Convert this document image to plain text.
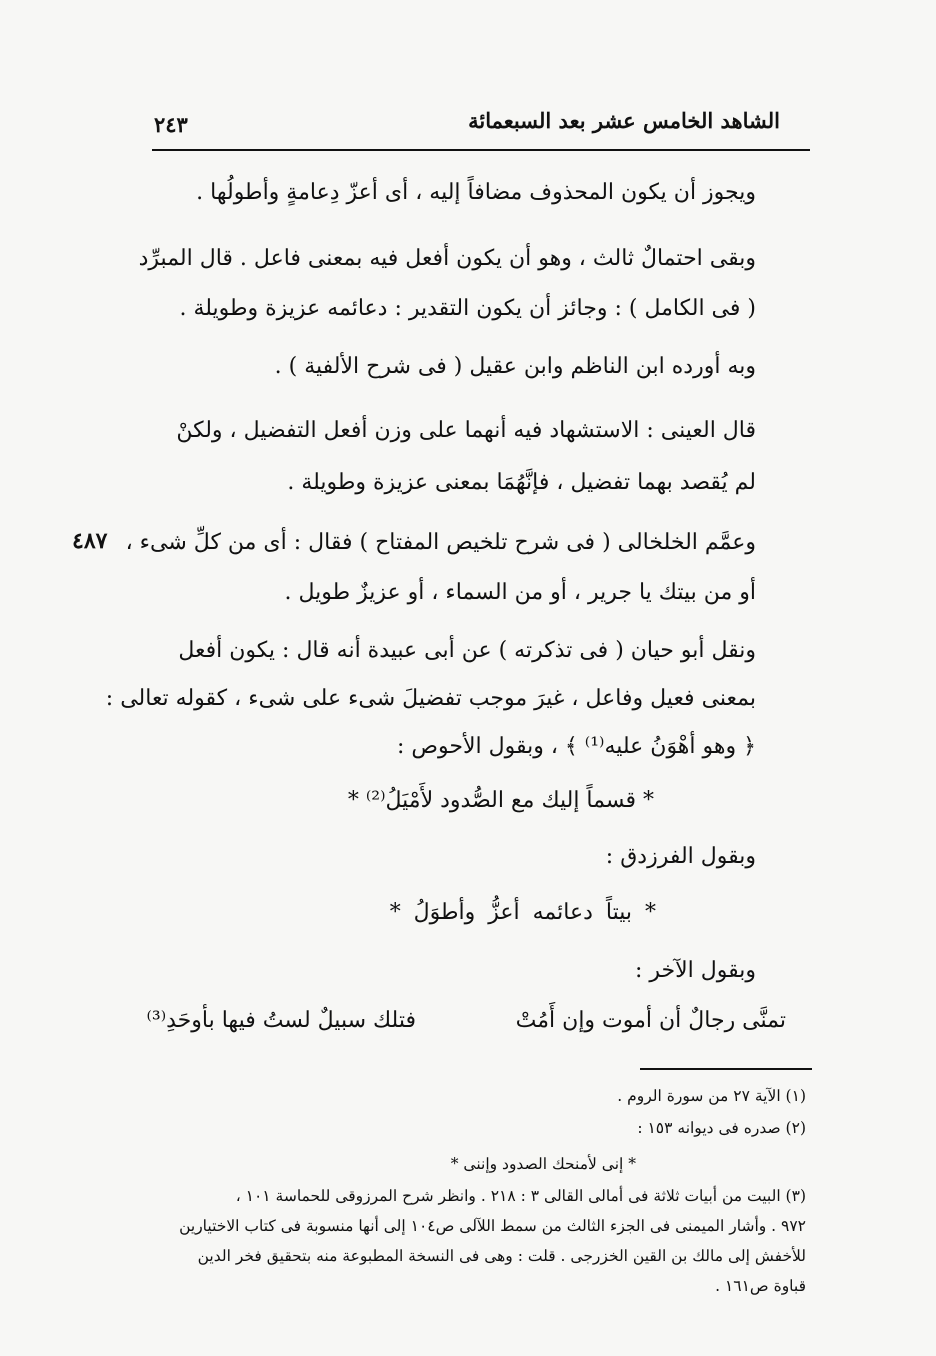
الشاهد الخامس عشر بعد السبعمائة
٢٤٣
ويجوز أن يكون المحذوف مضافاً إليه ، أى أعزّ دِعامةٍ وأطولُها .
وبقى احتمالٌ ثالث ، وهو أن يكون أفعل فيه بمعنى فاعل . قال المبرِّد
( فى الكامل ) : وجائز أن يكون التقدير : دعائمه عزيزة وطويلة .
وبه أورده ابن الناظم وابن عقيل ( فى شرح الألفية ) .
قال العينى : الاستشهاد فيه أنهما على وزن أفعل التفضيل ، ولكنْ
لم يُقصد بهما تفضيل ، فإنَّهُمَا بمعنى عزيزة وطويلة .
وعمَّم الخلخالى ( فى شرح تلخيص المفتاح ) فقال : أى من كلِّ شىء ،
أو من بيتك يا جرير ، أو من السماء ، أو عزيزٌ طويل .
ونقل أبو حيان ( فى تذكرته ) عن أبى عبيدة أنه قال : يكون أفعل
بمعنى فعيل وفاعل ، غيرَ موجب تفضيلَ شىء على شىء ، كقوله تعالى :
﴿ وهو أهْوَنُ عليه⁽¹⁾ ﴾ ، وبقول الأحوص :
٤٨٧
* قسماً إليك مع الصُّدود لأَمْيَلُ⁽²⁾ *
وبقول الفرزدق :
* بيتاً دعائمه أعزُّ وأطوَلُ *
وبقول الآخر :
تمنَّى رجالٌ أن أموت وإن أَمُتْ
فتلك سبيلٌ لستُ فيها بأوحَدِ⁽³⁾
(١) الآية ٢٧ من سورة الروم .
(٢) صدره فى ديوانه ١٥٣ :
* إنى لأمنحك الصدود وإننى *
(٣) البيت من أبيات ثلاثة فى أمالى القالى ٣ : ٢١٨ . وانظر شرح المرزوقى للحماسة ١٠١ ،
٩٧٢ . وأشار الميمنى فى الجزء الثالث من سمط اللآلى ص١٠٤ إلى أنها منسوبة فى كتاب الاختيارين
للأخفش إلى مالك بن القين الخزرجى . قلت : وهى فى النسخة المطبوعة منه بتحقيق فخر الدين
قباوة ص١٦١ .
